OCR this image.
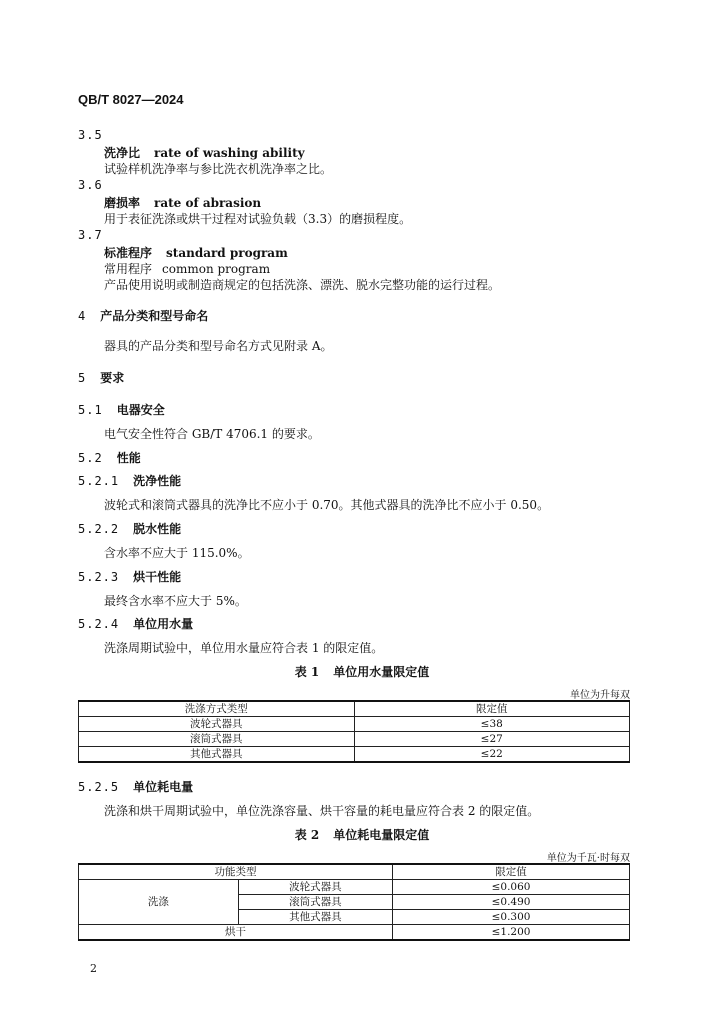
QB/T 8027—2024
3.5
洗净比 rate of washing ability
试验样机洗净率与参比洗衣机洗净率之比。
3.6
磨损率 rate of abrasion
用于表征洗涤或烘干过程对试验负载（3.3）的磨损程度。
3.7
标准程序 standard program
常用程序 common program
产品使用说明或制造商规定的包括洗涤、漂洗、脱水完整功能的运行过程。
4 产品分类和型号命名
器具的产品分类和型号命名方式见附录 A。
5 要求
5.1 电器安全
电气安全性符合 GB/T 4706.1 的要求。
5.2 性能
5.2.1 洗净性能
波轮式和滚筒式器具的洗净比不应小于 0.70。其他式器具的洗净比不应小于 0.50。
5.2.2 脱水性能
含水率不应大于 115.0%。
5.2.3 烘干性能
最终含水率不应大于 5%。
5.2.4 单位用水量
洗涤周期试验中，单位用水量应符合表 1 的限定值。
表 1 单位用水量限定值
单位为升每双
洗涤方式类型	限定值
波轮式器具	≤38
滚筒式器具	≤27
其他式器具	≤22
5.2.5 单位耗电量
洗涤和烘干周期试验中，单位洗涤容量、烘干容量的耗电量应符合表 2 的限定值。
表 2 单位耗电量限定值
单位为千瓦·时每双
功能类型		限定值
洗涤	波轮式器具	≤0.060
	滚筒式器具	≤0.490
	其他式器具	≤0.300
烘干		≤1.200
2
